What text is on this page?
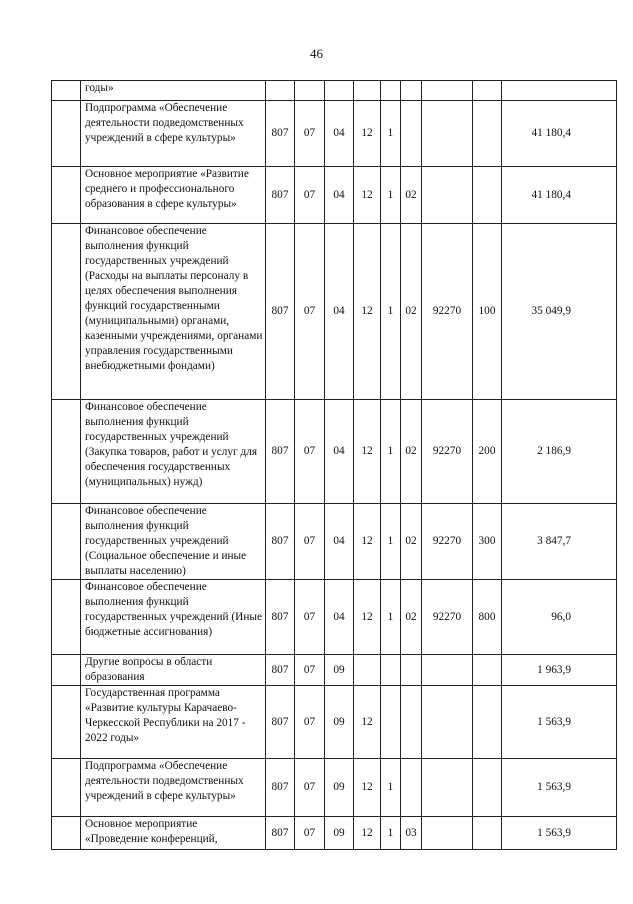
46
	годы»									
	Подпрограмма «Обеспечение деятельности подведомственных учреждений в сфере культуры»	807	07	04	12	1				41 180,4
	Основное мероприятие «Развитие среднего и профессионального образования в сфере культуры»	807	07	04	12	1	02			41 180,4
	Финансовое обеспечение выполнения функций государственных учреждений (Расходы на выплаты персоналу в целях обеспечения выполнения функций государственными (муниципальными) органами, казенными учреждениями, органами управления государственными внебюджетными фондами)	807	07	04	12	1	02	92270	100	35 049,9
	Финансовое обеспечение выполнения функций государственных учреждений (Закупка товаров, работ и услуг для обеспечения государственных (муниципальных) нужд)	807	07	04	12	1	02	92270	200	2 186,9
	Финансовое обеспечение выполнения функций государственных учреждений (Социальное обеспечение и иные выплаты населению)	807	07	04	12	1	02	92270	300	3 847,7
	Финансовое обеспечение выполнения функций государственных учреждений (Иные бюджетные ассигнования)	807	07	04	12	1	02	92270	800	96,0
	Другие вопросы в области образования	807	07	09						1 963,9
	Государственная программа «Развитие культуры Карачаево-Черкесской Республики на 2017 - 2022 годы»	807	07	09	12					1 563,9
	Подпрограмма «Обеспечение деятельности подведомственных учреждений в сфере культуры»	807	07	09	12	1				1 563,9
	Основное мероприятие «Проведение конференций,	807	07	09	12	1	03			1 563,9
